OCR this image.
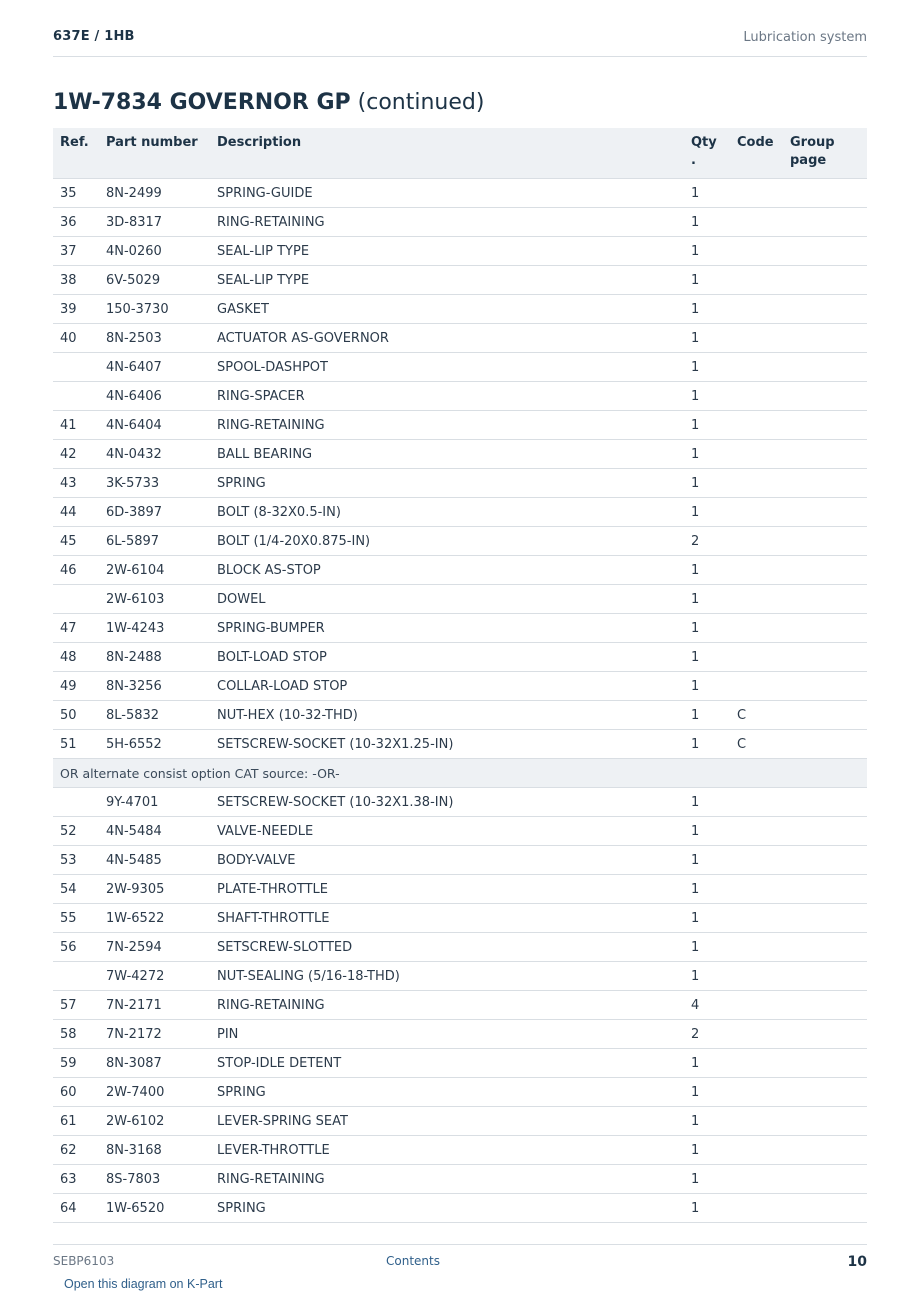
637E / 1HB	Lubrication system
1W-7834 GOVERNOR GP (continued)
Ref.	Part number	Description	Qty .	Code	Group page
35	8N-2499	SPRING-GUIDE	1		
36	3D-8317	RING-RETAINING	1		
37	4N-0260	SEAL-LIP TYPE	1		
38	6V-5029	SEAL-LIP TYPE	1		
39	150-3730	GASKET	1		
40	8N-2503	ACTUATOR AS-GOVERNOR	1		
	4N-6407	SPOOL-DASHPOT	1		
	4N-6406	RING-SPACER	1		
41	4N-6404	RING-RETAINING	1		
42	4N-0432	BALL BEARING	1		
43	3K-5733	SPRING	1		
44	6D-3897	BOLT (8-32X0.5-IN)	1		
45	6L-5897	BOLT (1/4-20X0.875-IN)	2		
46	2W-6104	BLOCK AS-STOP	1		
	2W-6103	DOWEL	1		
47	1W-4243	SPRING-BUMPER	1		
48	8N-2488	BOLT-LOAD STOP	1		
49	8N-3256	COLLAR-LOAD STOP	1		
50	8L-5832	NUT-HEX (10-32-THD)	1	C	
51	5H-6552	SETSCREW-SOCKET (10-32X1.25-IN)	1	C	
OR alternate consist option CAT source: -OR-					
	9Y-4701	SETSCREW-SOCKET (10-32X1.38-IN)	1		
52	4N-5484	VALVE-NEEDLE	1		
53	4N-5485	BODY-VALVE	1		
54	2W-9305	PLATE-THROTTLE	1		
55	1W-6522	SHAFT-THROTTLE	1		
56	7N-2594	SETSCREW-SLOTTED	1		
	7W-4272	NUT-SEALING (5/16-18-THD)	1		
57	7N-2171	RING-RETAINING	4		
58	7N-2172	PIN	2		
59	8N-3087	STOP-IDLE DETENT	1		
60	2W-7400	SPRING	1		
61	2W-6102	LEVER-SPRING SEAT	1		
62	8N-3168	LEVER-THROTTLE	1		
63	8S-7803	RING-RETAINING	1		
64	1W-6520	SPRING	1		
SEBP6103	Contents	10
Open this diagram on K-Part
